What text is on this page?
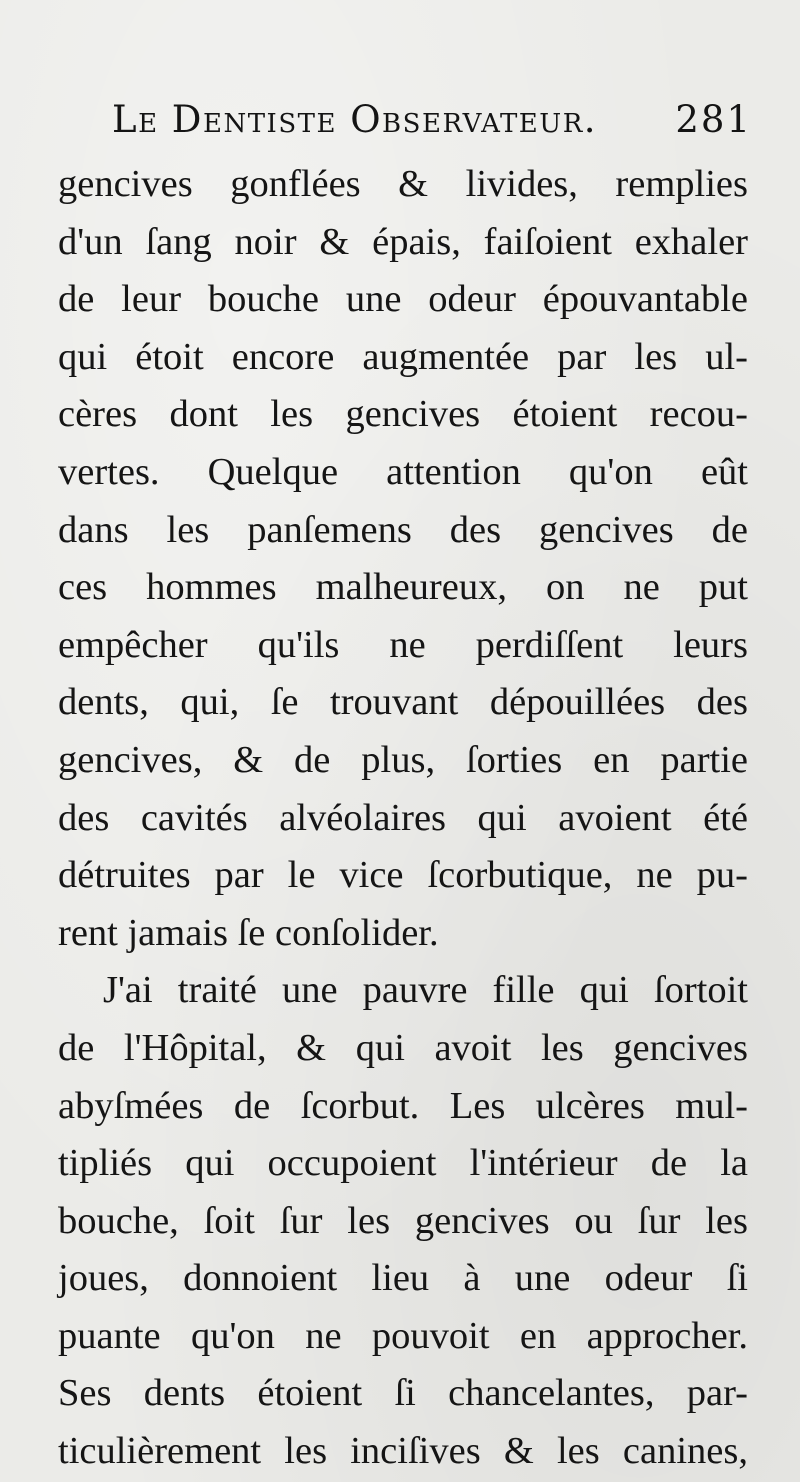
Le Dentiste Observateur. 281
gencives gonflées & livides, remplies
d'un ſang noir & épais, faiſoient exhaler
de leur bouche une odeur épouvantable
qui étoit encore augmentée par les ul-
cères dont les gencives étoient recou-
vertes. Quelque attention qu'on eût
dans les panſemens des gencives de
ces hommes malheureux, on ne put
empêcher qu'ils ne perdiſſent leurs
dents, qui, ſe trouvant dépouillées des
gencives, & de plus, ſorties en partie
des cavités alvéolaires qui avoient été
détruites par le vice ſcorbutique, ne pu-
rent jamais ſe conſolider.
J'ai traité une pauvre fille qui ſortoit
de l'Hôpital, & qui avoit les gencives
abyſmées de ſcorbut. Les ulcères mul-
tipliés qui occupoient l'intérieur de la
bouche, ſoit ſur les gencives ou ſur les
joues, donnoient lieu à une odeur ſi
puante qu'on ne pouvoit en approcher.
Ses dents étoient ſi chancelantes, par-
ticulièrement les inciſives & les canines,
